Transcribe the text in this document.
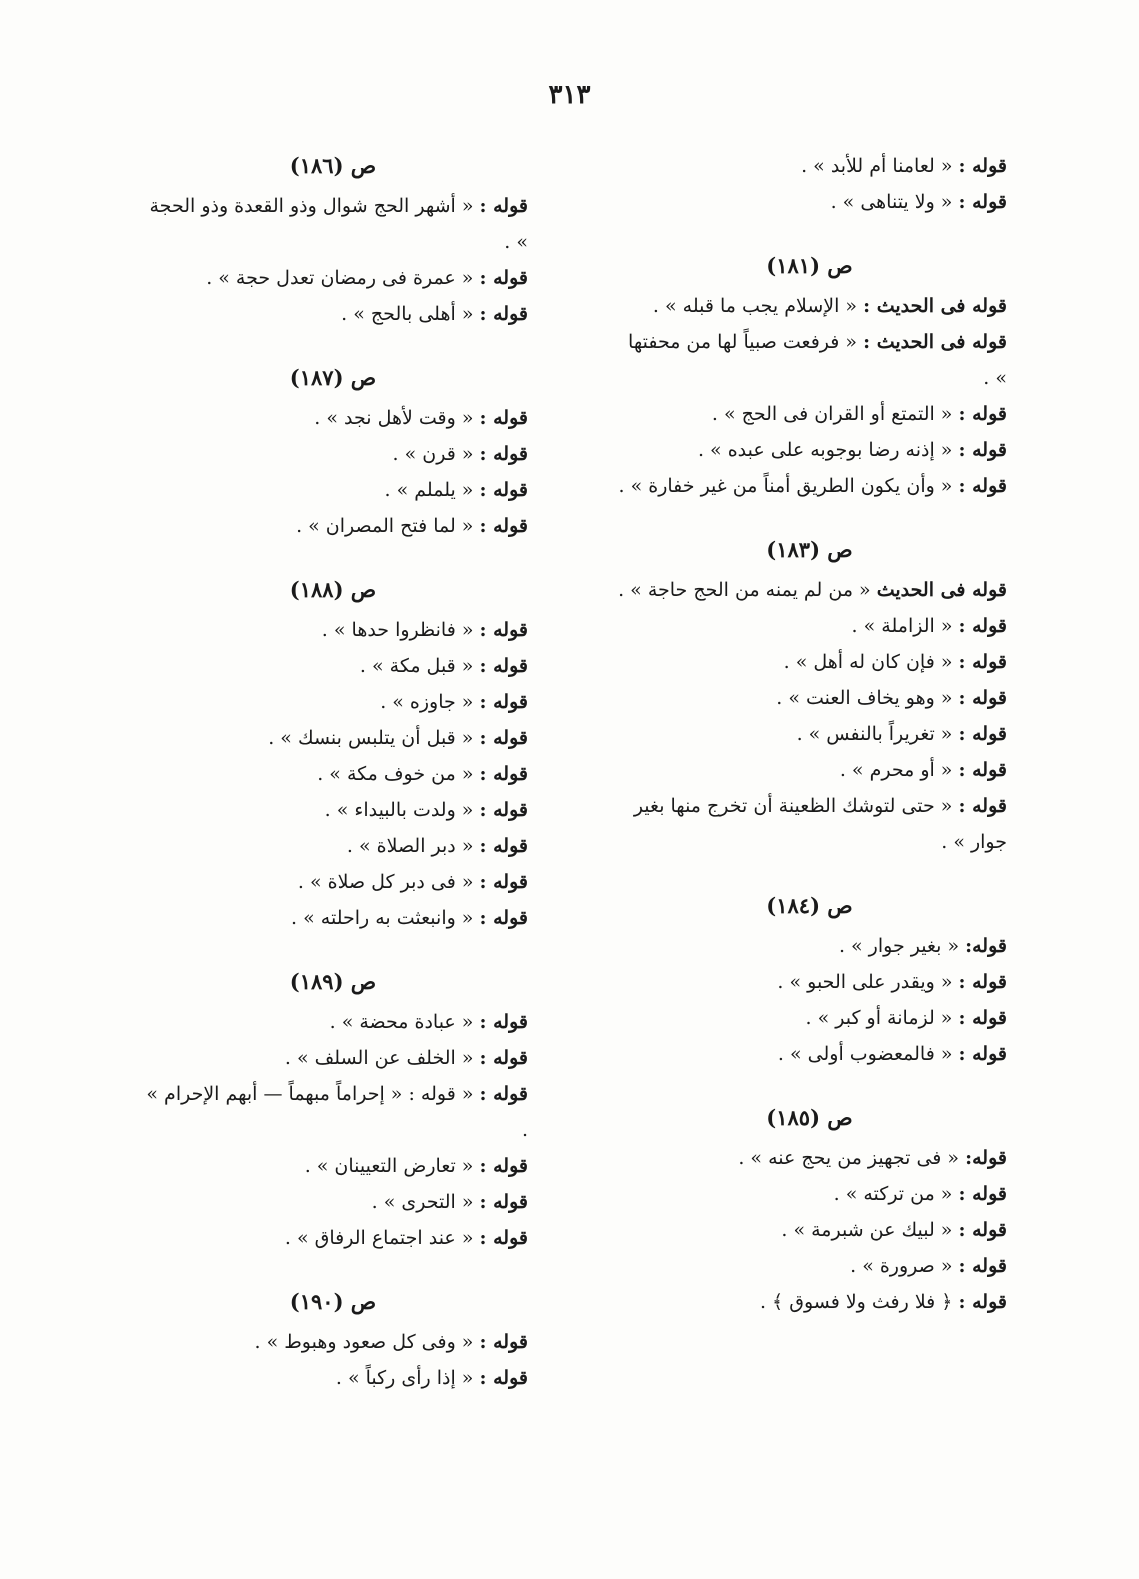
٣١٣
قوله : « لعامنا أم للأبد » .
قوله : « ولا يتناهى » .
ص (١٨١)
قوله فى الحديث : « الإسلام يجب ما قبله » .
قوله فى الحديث : « فرفعت صبياً لها من محفتها » .
قوله : « التمتع أو القران فى الحج » .
قوله : « إذنه رضا بوجوبه على عبده » .
قوله : « وأن يكون الطريق أمناً من غير خفارة » .
ص (١٨٣)
قوله فى الحديث « من لم يمنه من الحج حاجة » .
قوله : « الزاملة » .
قوله : « فإن كان له أهل » .
قوله : « وهو يخاف العنت » .
قوله : « تغريراً بالنفس » .
قوله : « أو محرم » .
قوله : « حتى لتوشك الظعينة أن تخرج منها بغير جوار » .
ص (١٨٤)
قوله: « بغير جوار » .
قوله : « ويقدر على الحبو » .
قوله : « لزمانة أو كبر » .
قوله : « فالمعضوب أولى » .
ص (١٨٥)
قوله: « فى تجهيز من يحج عنه » .
قوله : « من تركته » .
قوله : « لبيك عن شبرمة » .
قوله : « صرورة » .
قوله : ﴿ فلا رفث ولا فسوق ﴾ .
ص (١٨٦)
قوله : « أشهر الحج شوال وذو القعدة وذو الحجة » .
قوله : « عمرة فى رمضان تعدل حجة » .
قوله : « أهلى بالحج » .
ص (١٨٧)
قوله : « وقت لأهل نجد » .
قوله : « قرن » .
قوله : « يلملم » .
قوله : « لما فتح المصران » .
ص (١٨٨)
قوله : « فانظروا حدها » .
قوله : « قبل مكة » .
قوله : « جاوزه » .
قوله : « قبل أن يتلبس بنسك » .
قوله : « من خوف مكة » .
قوله : « ولدت بالبيداء » .
قوله : « دبر الصلاة » .
قوله : « فى دبر كل صلاة » .
قوله : « وانبعثت به راحلته » .
ص (١٨٩)
قوله : « عبادة محضة » .
قوله : « الخلف عن السلف » .
قوله : « قوله : « إحراماً مبهماً — أبهم الإحرام » .
قوله : « تعارض التعيينان » .
قوله : « التحرى » .
قوله : « عند اجتماع الرفاق » .
ص (١٩٠)
قوله : « وفى كل صعود وهبوط » .
قوله : « إذا رأى ركباً » .
